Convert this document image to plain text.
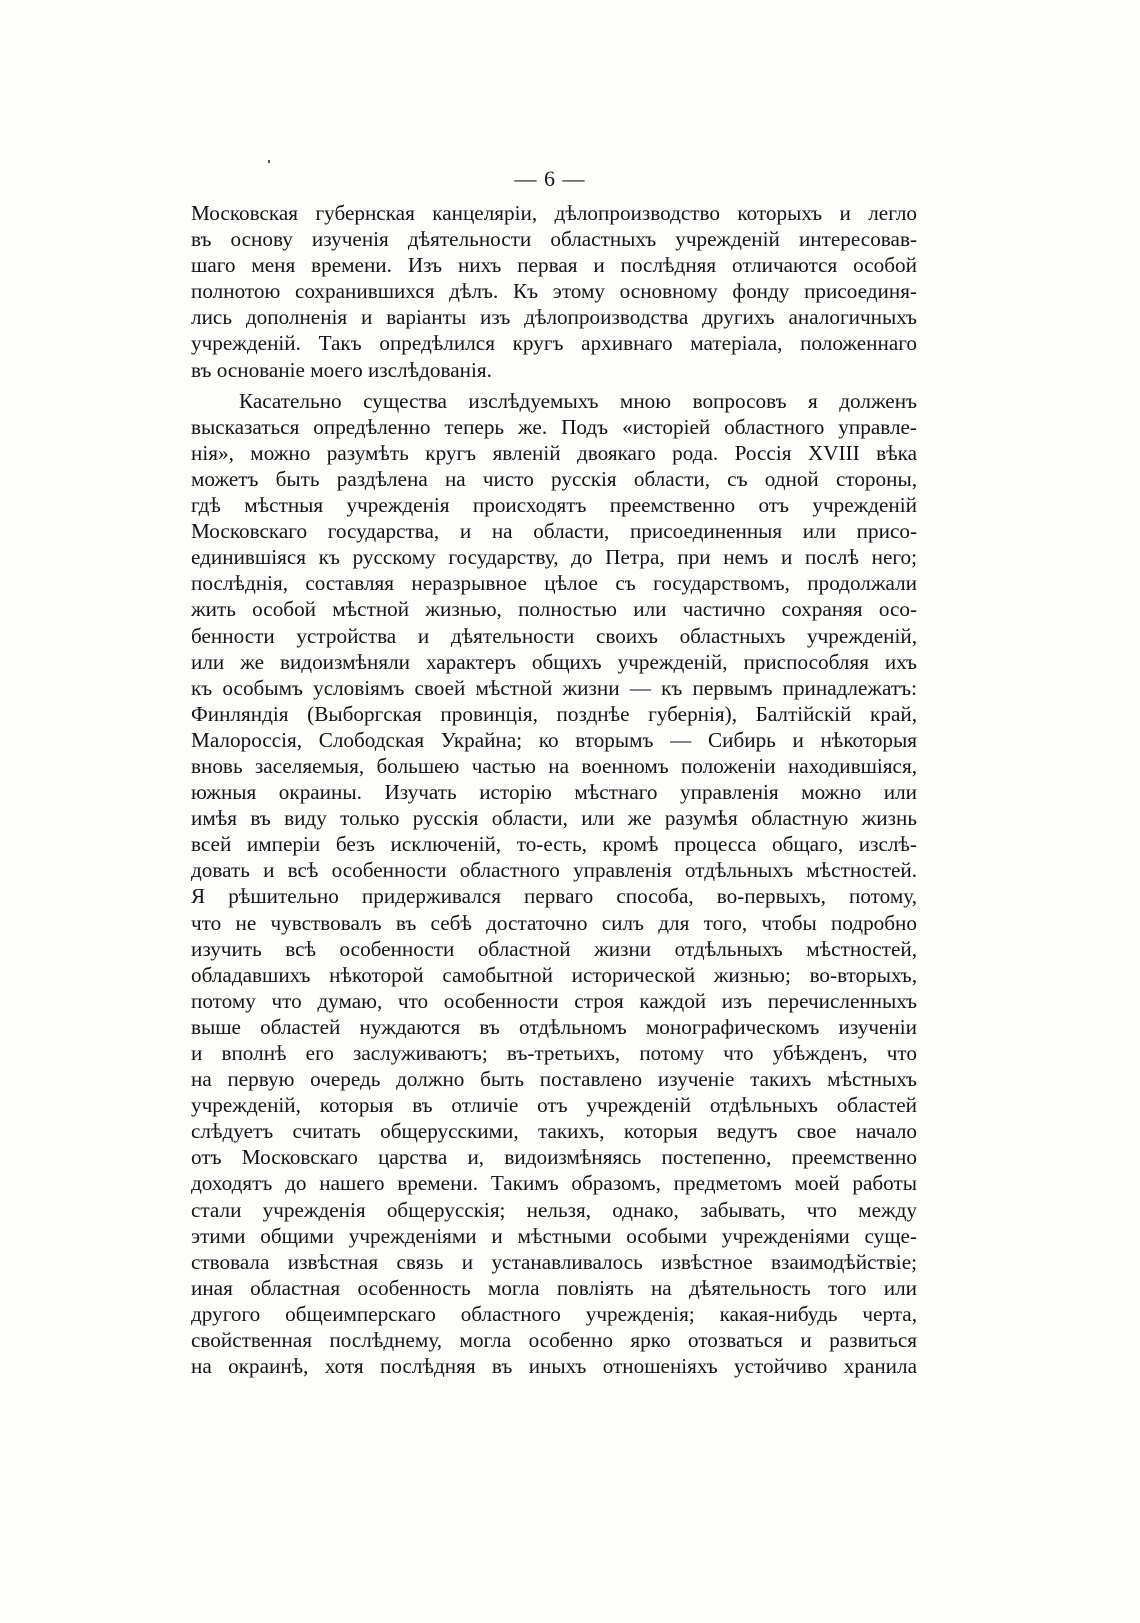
— 6 —
Московская губернская канцеляріи, дѣлопроизводство которыхъ и легло
въ основу изученія дѣятельности областныхъ учрежденій интересовав-
шаго меня времени. Изъ нихъ первая и послѣдняя отличаются особой
полнотою сохранившихся дѣлъ. Къ этому основному фонду присоединя-
лись дополненія и варіанты изъ дѣлопроизводства другихъ аналогичныхъ
учрежденій. Такъ опредѣлился кругъ архивнаго матеріала, положеннаго
въ основаніе моего изслѣдованія.
Касательно существа изслѣдуемыхъ мною вопросовъ я долженъ
высказаться опредѣленно теперь же. Подъ «исторіей областного управле-
нія», можно разумѣть кругъ явленій двоякаго рода. Россія XVIII вѣка
можетъ быть раздѣлена на чисто русскія области, съ одной стороны,
гдѣ мѣстныя учрежденія происходятъ преемственно отъ учрежденій
Московскаго государства, и на области, присоединенныя или присо-
единившіяся къ русскому государству, до Петра, при немъ и послѣ него;
послѣднія, составляя неразрывное цѣлое съ государствомъ, продолжали
жить особой мѣстной жизнью, полностью или частично сохраняя осо-
бенности устройства и дѣятельности своихъ областныхъ учрежденій,
или же видоизмѣняли характеръ общихъ учрежденій, приспособляя ихъ
къ особымъ условіямъ своей мѣстной жизни — къ первымъ принадлежатъ:
Финляндія (Выборгская провинція, позднѣе губернія), Балтійскій край,
Малороссія, Слободская Украйна; ко вторымъ — Сибирь и нѣкоторыя
вновь заселяемыя, большею частью на военномъ положеніи находившіяся,
южныя окраины. Изучать исторію мѣстнаго управленія можно или
имѣя въ виду только русскія области, или же разумѣя областную жизнь
всей имперіи безъ исключеній, то-есть, кромѣ процесса общаго, изслѣ-
довать и всѣ особенности областного управленія отдѣльныхъ мѣстностей.
Я рѣшительно придерживался перваго способа, во-первыхъ, потому,
что не чувствовалъ въ себѣ достаточно силъ для того, чтобы подробно
изучить всѣ особенности областной жизни отдѣльныхъ мѣстностей,
обладавшихъ нѣкоторой самобытной исторической жизнью; во-вторыхъ,
потому что думаю, что особенности строя каждой изъ перечисленныхъ
выше областей нуждаются въ отдѣльномъ монографическомъ изученіи
и вполнѣ его заслуживаютъ; въ-третьихъ, потому что убѣжденъ, что
на первую очередь должно быть поставлено изученіе такихъ мѣстныхъ
учрежденій, которыя въ отличіе отъ учрежденій отдѣльныхъ областей
слѣдуетъ считать общерусскими, такихъ, которыя ведутъ свое начало
отъ Московскаго царства и, видоизмѣняясь постепенно, преемственно
доходятъ до нашего времени. Такимъ образомъ, предметомъ моей работы
стали учрежденія общерусскія; нельзя, однако, забывать, что между
этими общими учрежденіями и мѣстными особыми учрежденіями суще-
ствовала извѣстная связь и устанавливалось извѣстное взаимодѣйствіе;
иная областная особенность могла повліять на дѣятельность того или
другого общеимперскаго областного учрежденія; какая-нибудь черта,
свойственная послѣднему, могла особенно ярко отозваться и развиться
на окраинѣ, хотя послѣдняя въ иныхъ отношеніяхъ устойчиво хранила
